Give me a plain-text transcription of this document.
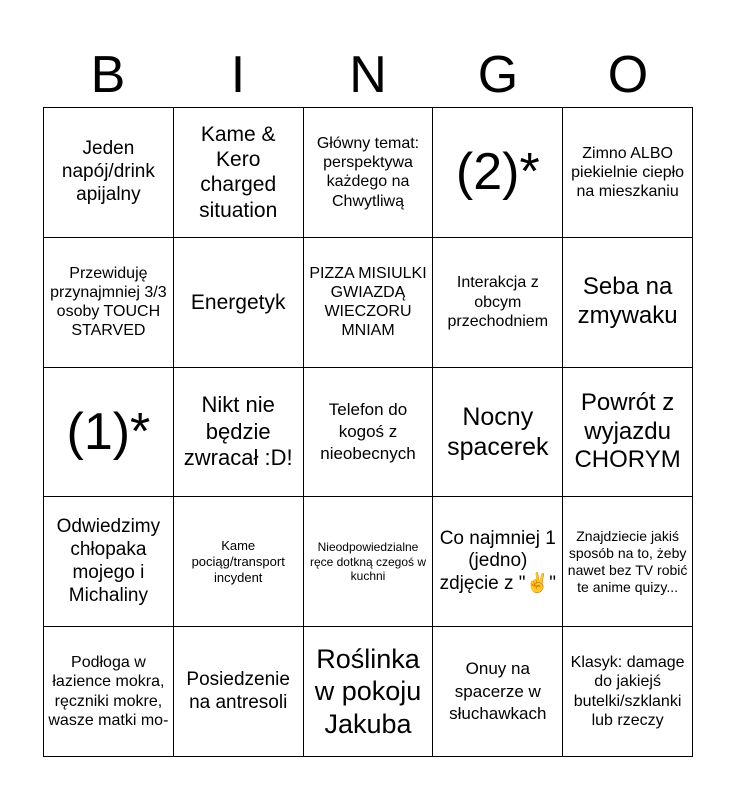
B	I	N	G	O
Jeden napój/drink apijalny
Kame & Kero charged situation
Główny temat: perspektywa każdego na Chwytliwą (2)*	Zimno ALBO piekielnie ciepło na mieszkaniu
Przewiduję przynajmniej 3/3 osoby TOUCH STARVED
Energetyk
PIZZA MISIULKI GWIAZDĄ WIECZORU MNIAM
Interakcja z obcym przechodniem
Seba na zmywaku
(1)*	Nikt nie będzie zwracał :D!
Telefon do kogoś z nieobecnych
Nocny spacerek
Powrót z wyjazdu CHORYM
Odwiedzimy chłopaka mojego i Michaliny
Kame pociąg/transport incydent
Nieodpowiedzialne ręce dotkną czegoś w kuchni
Co najmniej 1 (jedno) zdjęcie z "✌️"
Znajdziecie jakiś sposób na to, żeby nawet bez TV robić te anime quizy...
Podłoga w łazience mokra, ręczniki mokre, wasze matki mo-
Posiedzenie na antresoli
Roślinka w pokoju Jakuba
Onuy na spacerze w słuchawkach
Klasyk: damage do jakiejś butelki/szklanki lub rzeczy
